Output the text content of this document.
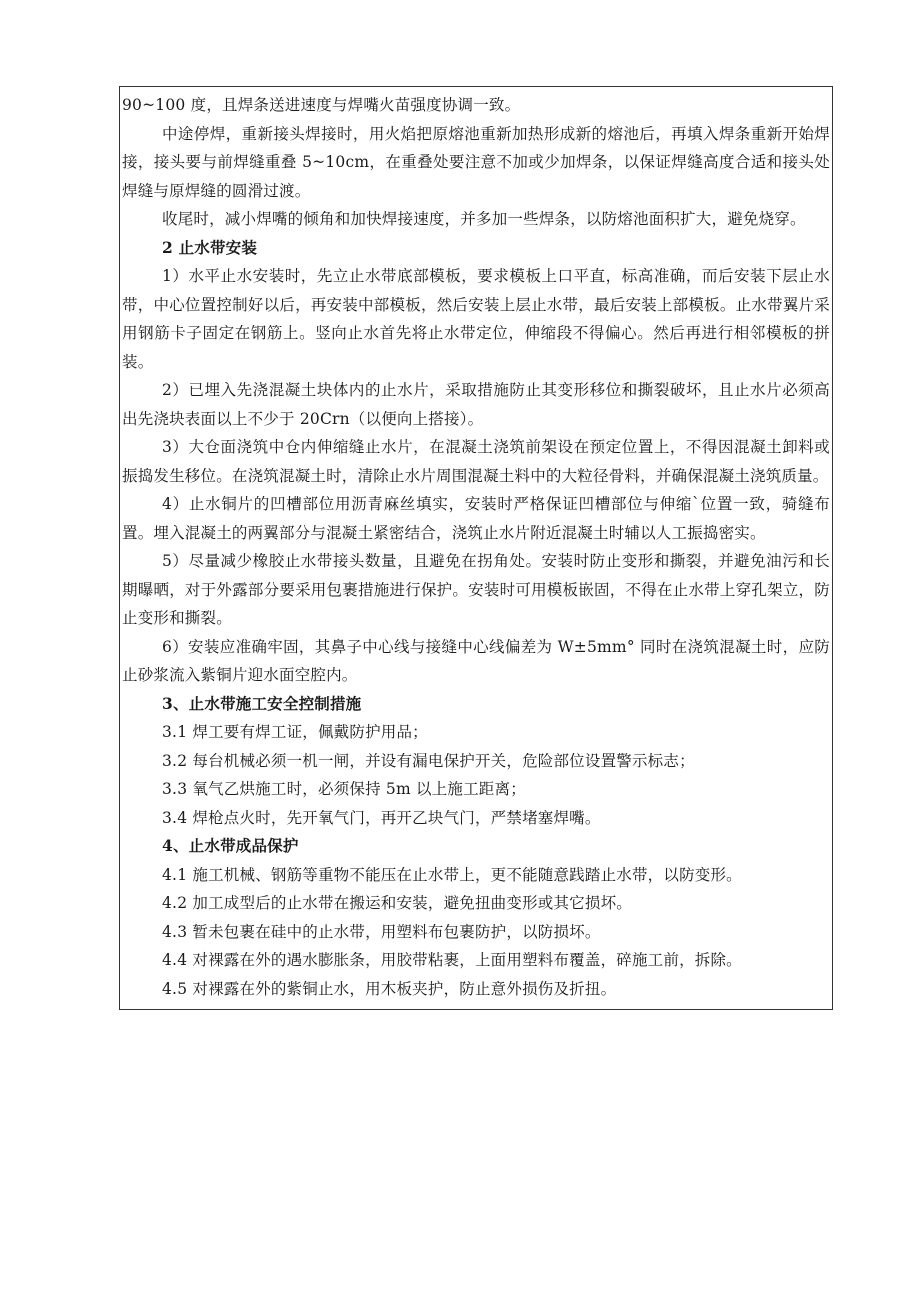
90~100 度，且焊条送进速度与焊嘴火苗强度协调一致。

中途停焊，重新接头焊接时，用火焰把原熔池重新加热形成新的熔池后，再填入焊条重新开始焊接，接头要与前焊缝重叠 5~10cm，在重叠处要注意不加或少加焊条，以保证焊缝高度合适和接头处焊缝与原焊缝的圆滑过渡。

收尾时，减小焊嘴的倾角和加快焊接速度，并多加一些焊条，以防熔池面积扩大，避免烧穿。

2 止水带安装

1）水平止水安装时，先立止水带底部模板，要求模板上口平直，标高准确，而后安装下层止水带，中心位置控制好以后，再安装中部模板，然后安装上层止水带，最后安装上部模板。止水带翼片采用钢筋卡子固定在钢筋上。竖向止水首先将止水带定位，伸缩段不得偏心。然后再进行相邻模板的拼装。

2）已埋入先浇混凝土块体内的止水片，采取措施防止其变形移位和撕裂破坏，且止水片必须高出先浇块表面以上不少于 20Crn（以便向上搭接）。

3）大仓面浇筑中仓内伸缩缝止水片，在混凝土浇筑前架设在预定位置上，不得因混凝土卸料或振捣发生移位。在浇筑混凝土时，清除止水片周围混凝土料中的大粒径骨料，并确保混凝土浇筑质量。

4）止水铜片的凹槽部位用沥青麻丝填实，安装时严格保证凹槽部位与伸缩`位置一致，骑缝布置。埋入混凝土的两翼部分与混凝土紧密结合，浇筑止水片附近混凝土时辅以人工振捣密实。

5）尽量减少橡胶止水带接头数量，且避免在拐角处。安装时防止变形和撕裂，并避免油污和长期曝晒，对于外露部分要采用包裹措施进行保护。安装时可用模板嵌固，不得在止水带上穿孔架立，防止变形和撕裂。

6）安装应准确牢固，其鼻子中心线与接缝中心线偏差为 W±5mm° 同时在浇筑混凝土时，应防止砂浆流入紫铜片迎水面空腔内。

3、止水带施工安全控制措施

3.1 焊工要有焊工证，佩戴防护用品；

3.2 每台机械必须一机一闸，并设有漏电保护开关，危险部位设置警示标志；

3.3 氧气乙烘施工时，必须保持 5m 以上施工距离；

3.4 焊枪点火时，先开氧气门，再开乙块气门，严禁堵塞焊嘴。

4、止水带成品保护

4.1 施工机械、钢筋等重物不能压在止水带上，更不能随意践踏止水带，以防变形。

4.2 加工成型后的止水带在搬运和安装，避免扭曲变形或其它损坏。

4.3 暂未包裹在硅中的止水带，用塑料布包裹防护，以防损坏。

4.4 对裸露在外的遇水膨胀条，用胶带粘裹，上面用塑料布覆盖，碎施工前，拆除。

4.5 对裸露在外的紫铜止水，用木板夹护，防止意外损伤及折扭。
